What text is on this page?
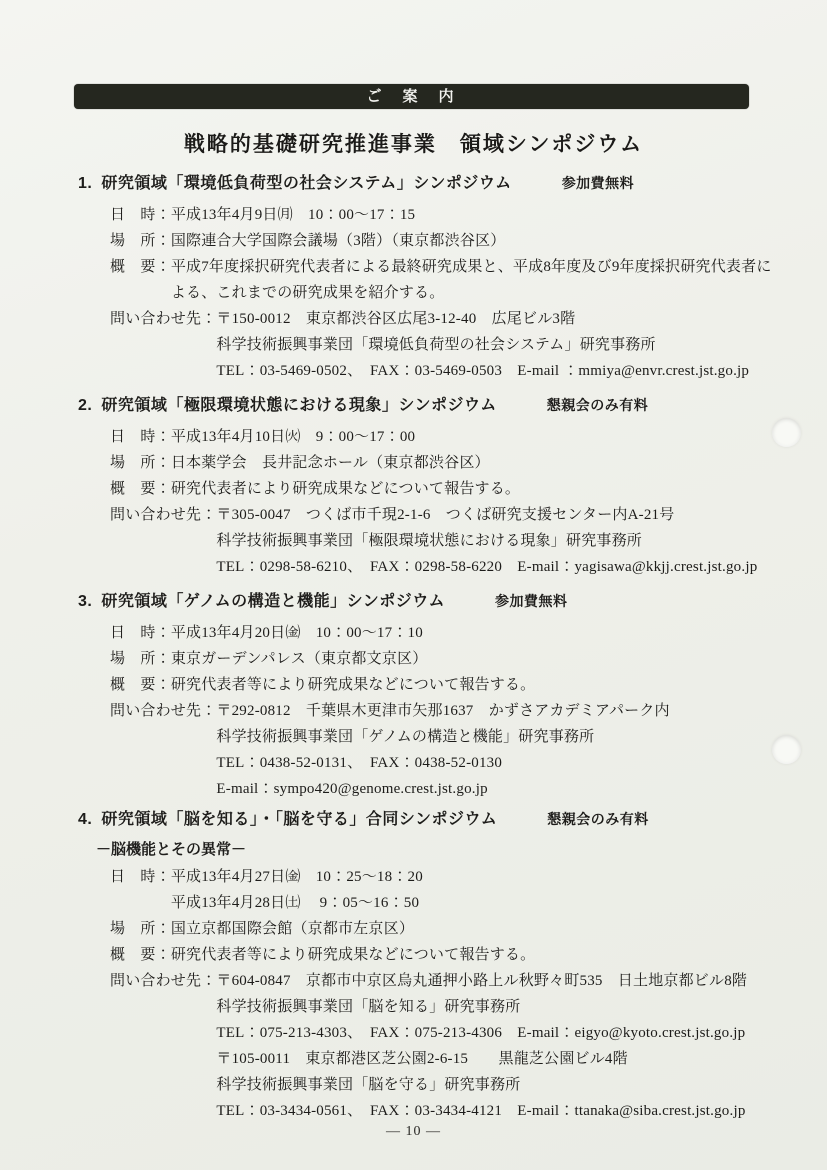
ご　案　内
戦略的基礎研究推進事業　領域シンポジウム
1. 研究領域「環境低負荷型の社会システム」シンポジウム	参加費無料
日　時： 平成13年4月9日㈪　10：00～17：15
場　所： 国際連合大学国際会議場（3階）（東京都渋谷区）
概　要： 平成7年度採択研究代表者による最終研究成果と、平成8年度及び9年度採択研究代表者に
よる、これまでの研究成果を紹介する。
問い合わせ先： 〒150-0012　東京都渋谷区広尾3-12-40　広尾ビル3階
科学技術振興事業団「環境低負荷型の社会システム」研究事務所
TEL：03-5469-0502、　FAX：03-5469-0503　E-mail ：mmiya@envr.crest.jst.go.jp
2. 研究領域「極限環境状態における現象」シンポジウム	懇親会のみ有料
日　時： 平成13年4月10日㈫　9：00～17：00
場　所： 日本薬学会　長井記念ホール（東京都渋谷区）
概　要： 研究代表者により研究成果などについて報告する。
問い合わせ先： 〒305-0047　つくば市千現2-1-6　つくば研究支援センター内A-21号
科学技術振興事業団「極限環境状態における現象」研究事務所
TEL：0298-58-6210、　FAX：0298-58-6220　E-mail：yagisawa@kkjj.crest.jst.go.jp
3. 研究領域「ゲノムの構造と機能」シンポジウム	参加費無料
日　時： 平成13年4月20日㈮　10：00～17：10
場　所： 東京ガーデンパレス（東京都文京区）
概　要： 研究代表者等により研究成果などについて報告する。
問い合わせ先： 〒292-0812　千葉県木更津市矢那1637　かずさアカデミアパーク内
科学技術振興事業団「ゲノムの構造と機能」研究事務所
TEL：0438-52-0131、　FAX：0438-52-0130
E-mail：sympo420@genome.crest.jst.go.jp
4. 研究領域「脳を知る」・「脳を守る」合同シンポジウム	懇親会のみ有料
－脳機能とその異常－
日　時： 平成13年4月27日㈮　10：25～18：20
平成13年4月28日㈯　 9：05～16：50
場　所： 国立京都国際会館（京都市左京区）
概　要： 研究代表者等により研究成果などについて報告する。
問い合わせ先： 〒604-0847　京都市中京区烏丸通押小路上ル秋野々町535　日土地京都ビル8階
科学技術振興事業団「脳を知る」研究事務所
TEL：075-213-4303、　FAX：075-213-4306　E-mail：eigyo@kyoto.crest.jst.go.jp
〒105-0011　東京都港区芝公園2-6-15　　黒龍芝公園ビル4階
科学技術振興事業団「脳を守る」研究事務所
TEL：03-3434-0561、　FAX：03-3434-4121　E-mail：ttanaka@siba.crest.jst.go.jp
— 10 —
